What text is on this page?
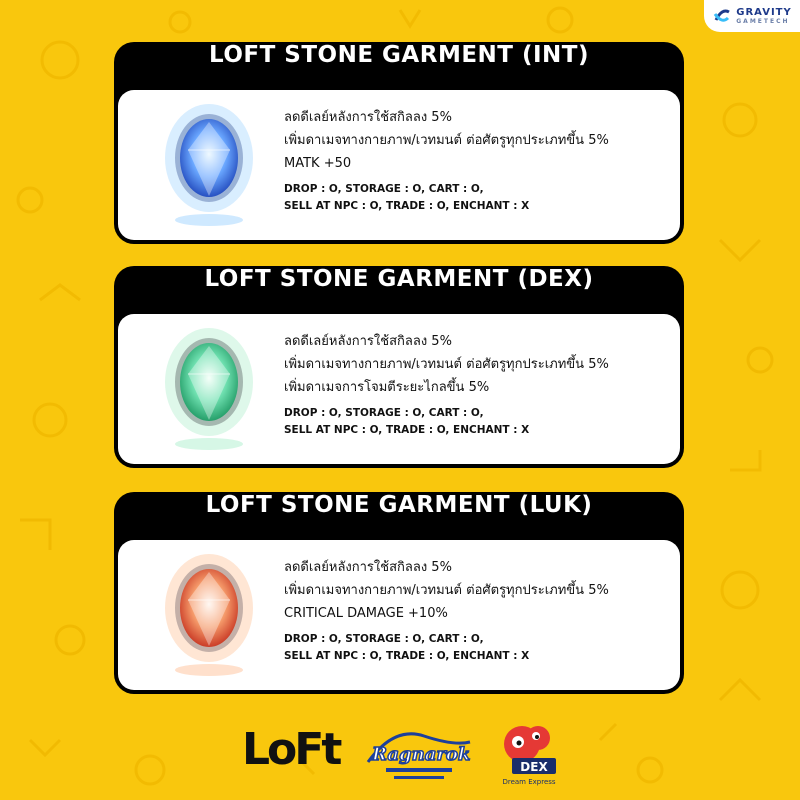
GRAVITY
GAMETECH
LOFT STONE GARMENT (INT)
ลดดีเลย์หลังการใช้สกิลลง 5%
เพิ่มดาเมจทางกายภาพ/เวทมนต์ ต่อศัตรูทุกประเภทขึ้น 5%
MATK +50
DROP : O, STORAGE : O, CART : O,
SELL AT NPC : O, TRADE : O, ENCHANT : X
LOFT STONE GARMENT (DEX)
ลดดีเลย์หลังการใช้สกิลลง 5%
เพิ่มดาเมจทางกายภาพ/เวทมนต์ ต่อศัตรูทุกประเภทขึ้น 5%
เพิ่มดาเมจการโจมตีระยะไกลขึ้น 5%
DROP : O, STORAGE : O, CART : O,
SELL AT NPC : O, TRADE : O, ENCHANT : X
LOFT STONE GARMENT (LUK)
ลดดีเลย์หลังการใช้สกิลลง 5%
เพิ่มดาเมจทางกายภาพ/เวทมนต์ ต่อศัตรูทุกประเภทขึ้น 5%
CRITICAL DAMAGE +10%
DROP : O, STORAGE : O, CART : O,
SELL AT NPC : O, TRADE : O, ENCHANT : X
LoFt Ragnarok
DEX
Dream Express
